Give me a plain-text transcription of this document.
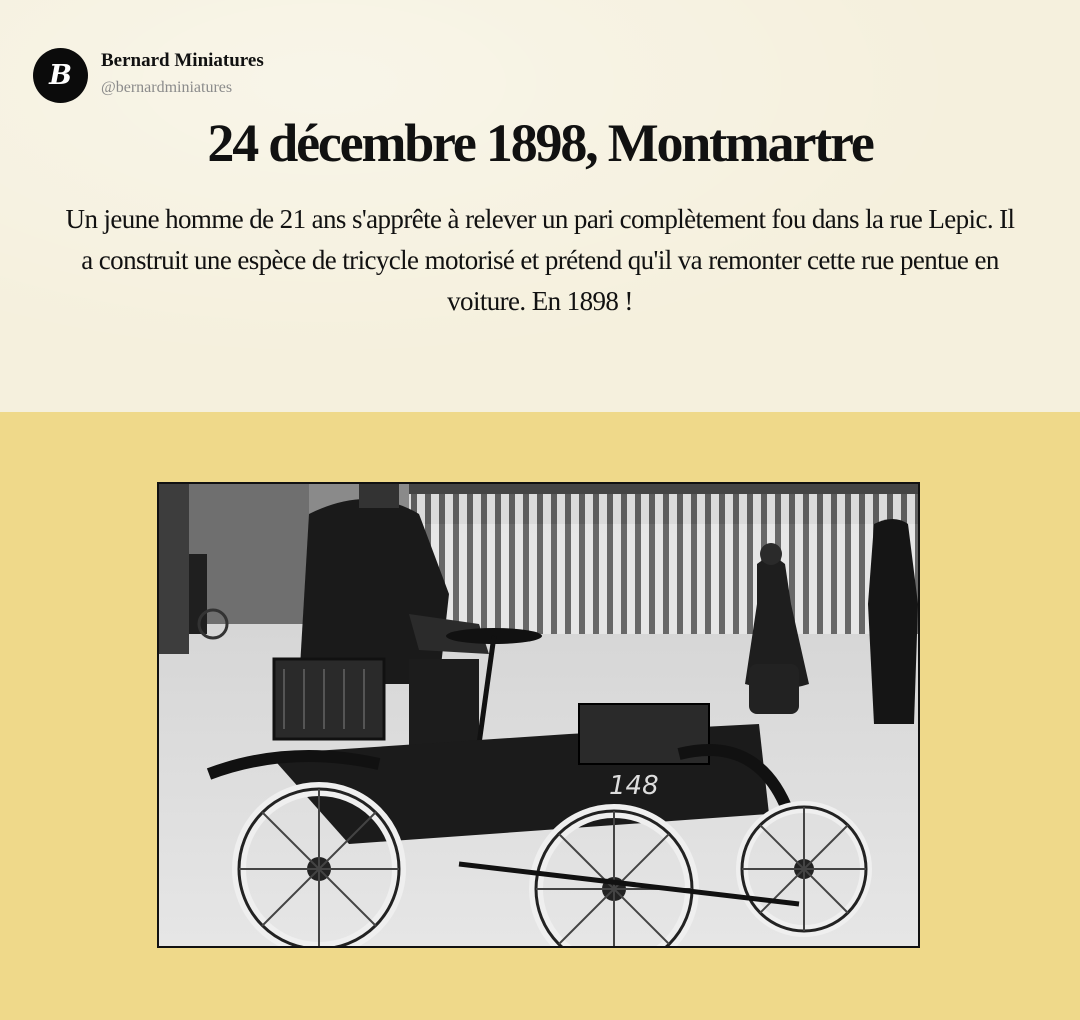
B Bernard Miniatures
@bernardminiatures
24 décembre 1898, Montmartre
Un jeune homme de 21 ans s'apprête à relever un pari complètement fou dans la rue Lepic. Il a construit une espèce de tricycle motorisé et prétend qu'il va remonter cette rue pentue en voiture. En 1898 !
148
